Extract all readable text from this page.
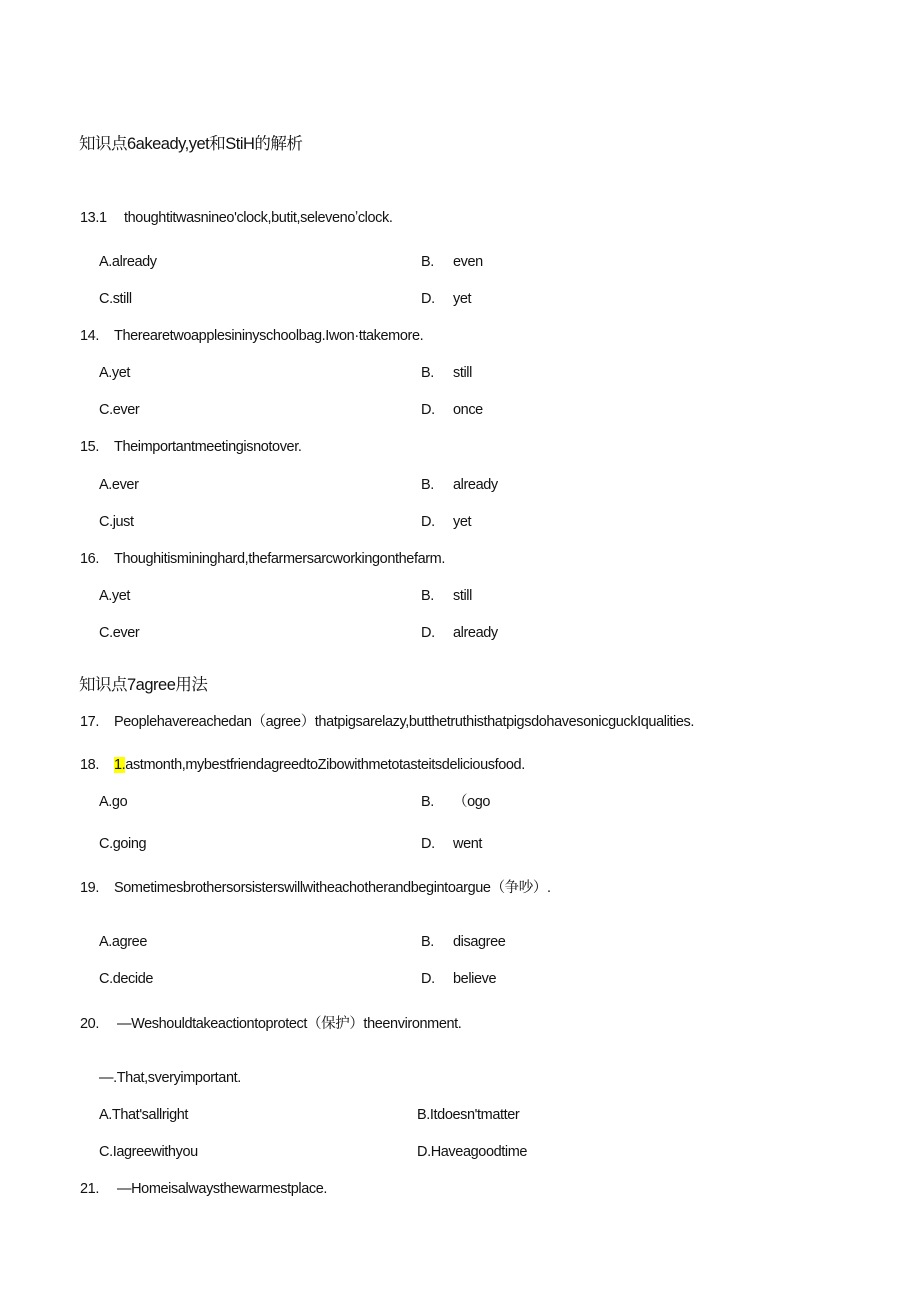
知识点6akeady,yet和StiH的解析
13.1 thoughtitwasnineo'clock,butit,selevenoʼclock.
A.already	B. even
C.still	D. yet
14. Therearetwoapplesininyschoolbag.Iwon·ttakemore.
A.yet	B. still
C.ever	D. once
15. Theimportantmeetingisnotover.
A.ever	B. already
C.just	D. yet
16. Thoughitismininghard,thefarmersarcworkingonthefarm.
A.yet	B. still
C.ever	D. already
知识点7agree用法
17. Peoplehavereachedan（agree）thatpigsarelazy,butthetruthisthatpigsdohavesonicguckIqualities.
18. 1.astmonth,mybestfriendagreedtoZibowithmetotasteitsdeliciousfood.
A.go	B. （ogo
C.going	D. went
19. Sometimesbrothersorsisterswillwitheachotherandbegintoargue（争吵）.
A.agree	B. disagree
C.decide	D. believe
20. —Weshouldtakeactiontoprotect（保护）theenvironment.
—.That,sveryimportant.
A.That'sallright	B.Itdoesn'tmatter
C.Iagreewithyou	D.Haveagoodtime
21. —Homeisalwaysthewarmestplace.
